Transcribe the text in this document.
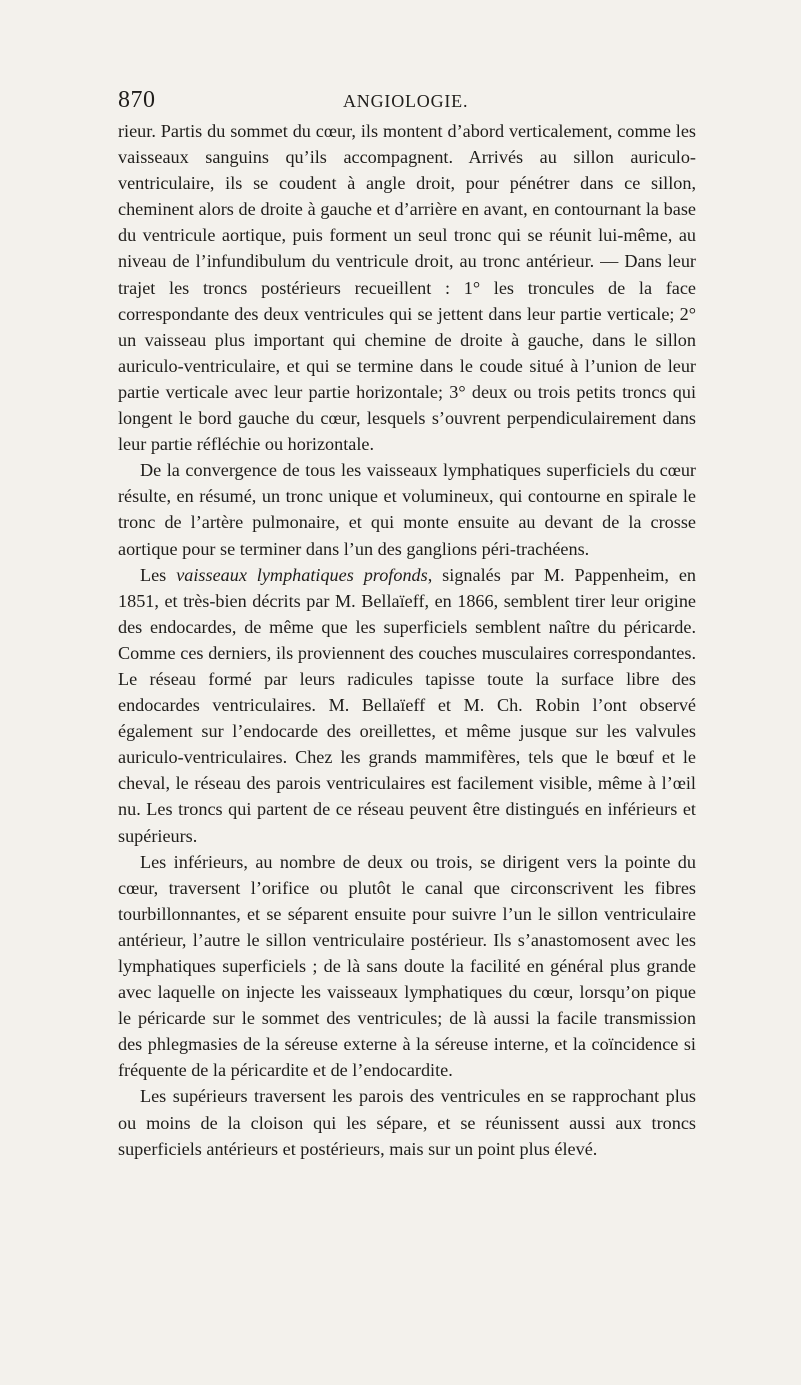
870	ANGIOLOGIE.

rieur. Partis du sommet du cœur, ils montent d’abord verticalement, comme les vaisseaux sanguins qu’ils accompagnent. Arrivés au sillon auriculo-ventriculaire, ils se coudent à angle droit, pour pénétrer dans ce sillon, cheminent alors de droite à gauche et d’arrière en avant, en contournant la base du ventricule aortique, puis forment un seul tronc qui se réunit lui-même, au niveau de l’infundibulum du ventricule droit, au tronc antérieur. — Dans leur trajet les troncs postérieurs recueillent : 1° les troncules de la face correspondante des deux ventricules qui se jettent dans leur partie verticale; 2° un vaisseau plus important qui chemine de droite à gauche, dans le sillon auriculo-ventriculaire, et qui se termine dans le coude situé à l’union de leur partie verticale avec leur partie horizontale; 3° deux ou trois petits troncs qui longent le bord gauche du cœur, lesquels s’ouvrent perpendiculairement dans leur partie réfléchie ou horizontale.

De la convergence de tous les vaisseaux lymphatiques superficiels du cœur résulte, en résumé, un tronc unique et volumineux, qui contourne en spirale le tronc de l’artère pulmonaire, et qui monte ensuite au devant de la crosse aortique pour se terminer dans l’un des ganglions péri-trachéens.

Les vaisseaux lymphatiques profonds, signalés par M. Pappenheim, en 1851, et très-bien décrits par M. Bellaïeff, en 1866, semblent tirer leur origine des endocardes, de même que les superficiels semblent naître du péricarde. Comme ces derniers, ils proviennent des couches musculaires correspondantes. Le réseau formé par leurs radicules tapisse toute la surface libre des endocardes ventriculaires. M. Bellaïeff et M. Ch. Robin l’ont observé également sur l’endocarde des oreillettes, et même jusque sur les valvules auriculo-ventriculaires. Chez les grands mammifères, tels que le bœuf et le cheval, le réseau des parois ventriculaires est facilement visible, même à l’œil nu. Les troncs qui partent de ce réseau peuvent être distingués en inférieurs et supérieurs.

Les inférieurs, au nombre de deux ou trois, se dirigent vers la pointe du cœur, traversent l’orifice ou plutôt le canal que circonscrivent les fibres tourbillonnantes, et se séparent ensuite pour suivre l’un le sillon ventriculaire antérieur, l’autre le sillon ventriculaire postérieur. Ils s’anastomosent avec les lymphatiques superficiels ; de là sans doute la facilité en général plus grande avec laquelle on injecte les vaisseaux lymphatiques du cœur, lorsqu’on pique le péricarde sur le sommet des ventricules; de là aussi la facile transmission des phlegmasies de la séreuse externe à la séreuse interne, et la coïncidence si fréquente de la péricardite et de l’endocardite.

Les supérieurs traversent les parois des ventricules en se rapprochant plus ou moins de la cloison qui les sépare, et se réunissent aussi aux troncs superficiels antérieurs et postérieurs, mais sur un point plus élevé.
